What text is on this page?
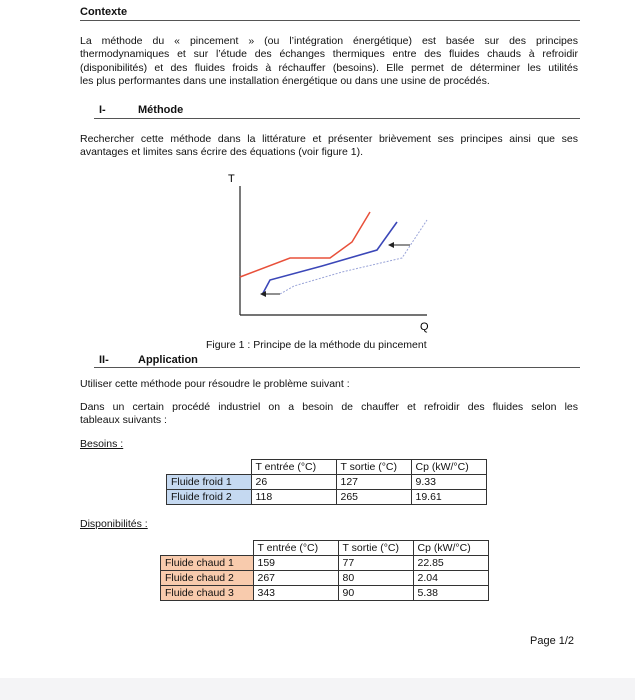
Contexte
La méthode du « pincement » (ou l’intégration énergétique) est basée sur des principes
thermodynamiques et sur l’étude des échanges thermiques entre des fluides chauds à refroidir
(disponibilités) et des fluides froids à réchauffer (besoins). Elle permet de déterminer les utilités
les plus performantes dans une installation énergétique ou dans une usine de procédés.
I-	Méthode
Rechercher cette méthode dans la littérature et présenter brièvement ses principes ainsi que ses
avantages et limites sans écrire des équations (voir figure 1).
T
Q
Figure 1 : Principe de la méthode du pincement
II-	Application
Utiliser cette méthode pour résoudre le problème suivant :
Dans un certain procédé industriel on a besoin de chauffer et refroidir des fluides selon les
tableaux suivants :
Besoins :
	T entrée (°C)	T sortie (°C)	Cp (kW/°C)
Fluide froid 1	26	127	9.33
Fluide froid 2	118	265	19.61
Disponibilités :
	T entrée (°C)	T sortie (°C)	Cp (kW/°C)
Fluide chaud 1	159	77	22.85
Fluide chaud 2	267	80	2.04
Fluide chaud 3	343	90	5.38
Page 1/2
